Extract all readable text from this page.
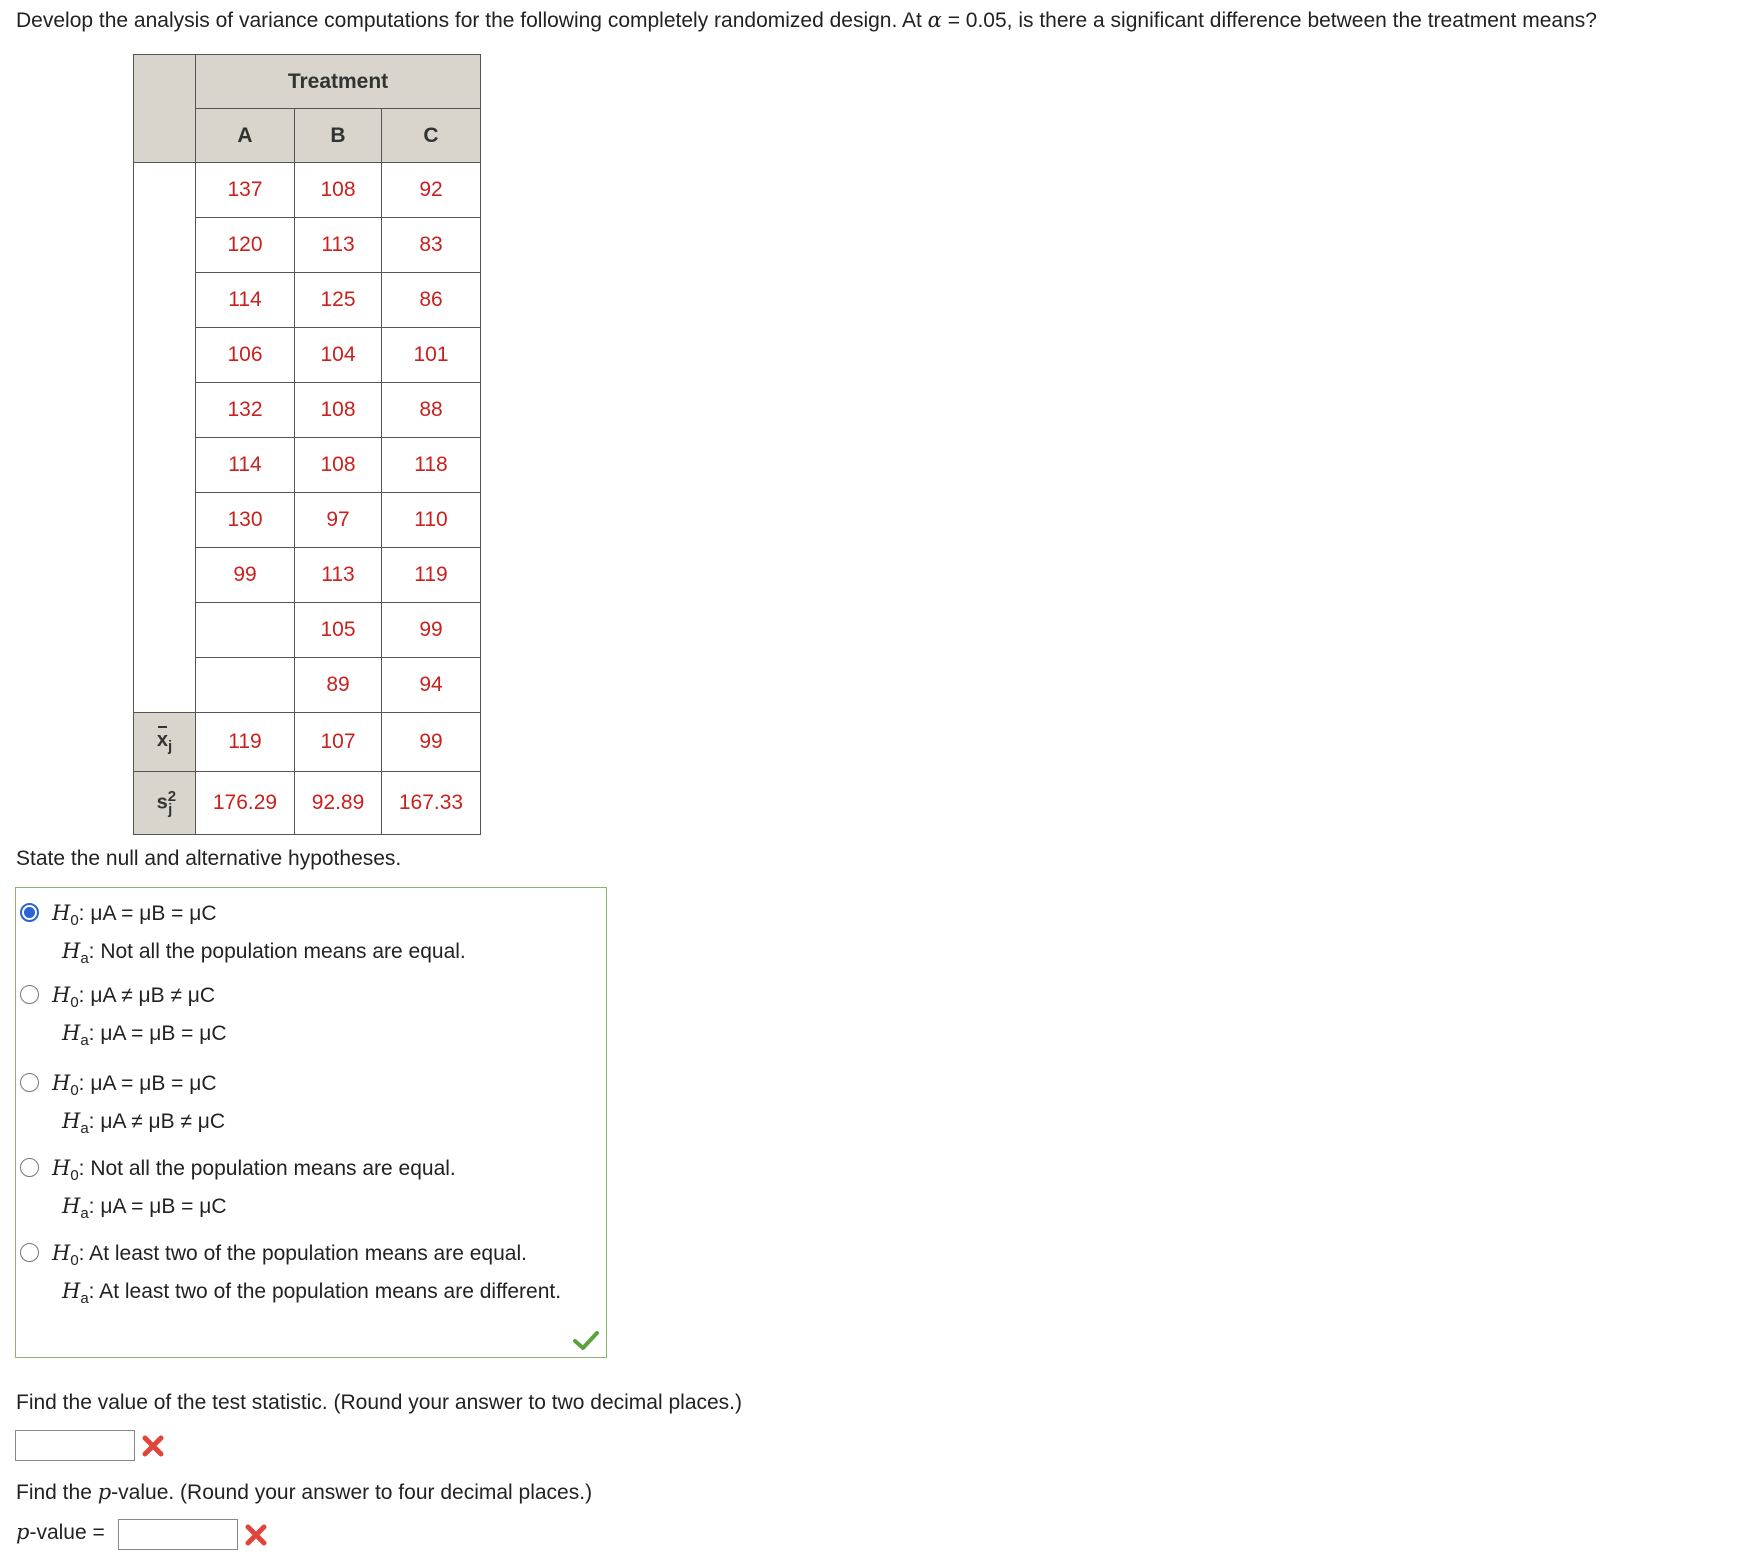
Develop the analysis of variance computations for the following completely randomized design. At α = 0.05, is there a significant difference between the treatment means?
	Treatment		
	A	B	C
	137	108	92
	120	113	83
	114	125	86
	106	104	101
	132	108	88
	114	108	118
	130	97	110
	99	113	119
		105	99
		89	94
$x_j$	119	107	99
$s^2_j$	176.29	92.89	167.33
State the null and alternative hypotheses.
$H_0$: μA = μB = μC
$H_a$: Not all the population means are equal.
$H_0$: μA ≠ μB ≠ μC
$H_a$: μA = μB = μC
$H_0$: μA = μB = μC
$H_a$: μA ≠ μB ≠ μC
$H_0$: Not all the population means are equal.
$H_a$: μA = μB = μC
$H_0$: At least two of the population means are equal.
$H_a$: At least two of the population means are different.
Find the value of the test statistic. (Round your answer to two decimal places.)
Find the p-value. (Round your answer to four decimal places.)
p-value =
